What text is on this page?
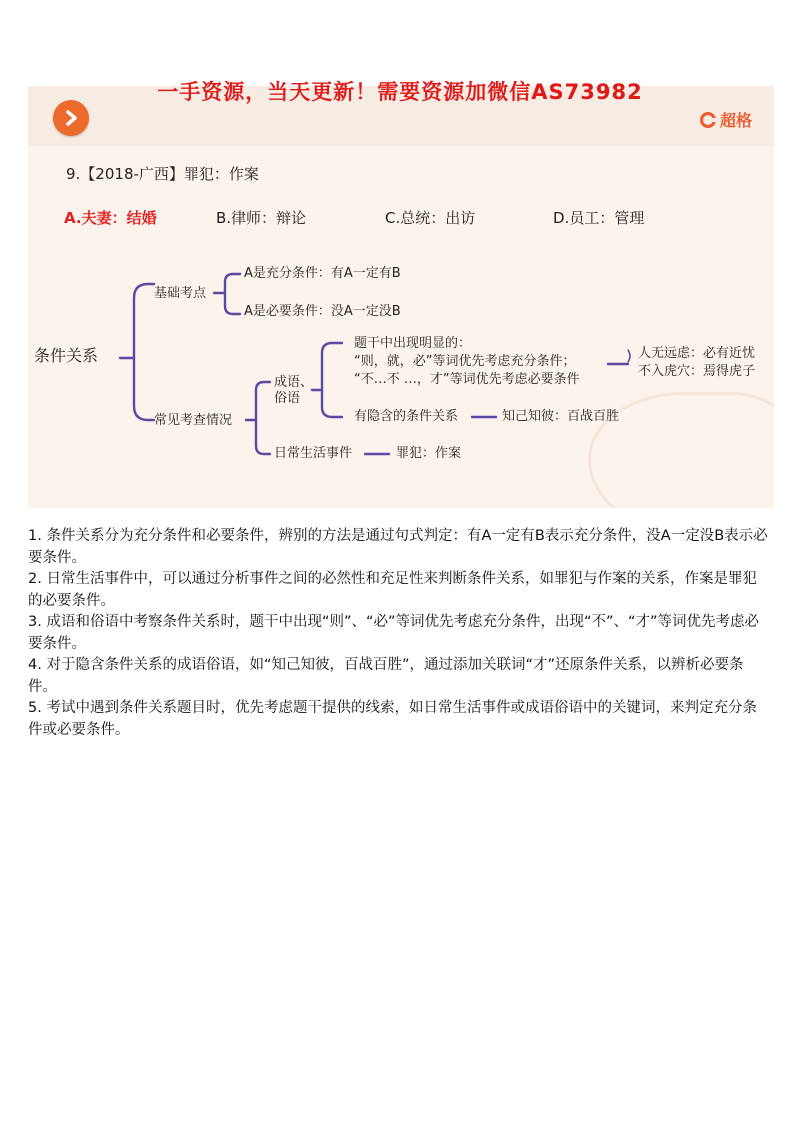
超格
9.【2018-广西】罪犯：作案
A.夫妻：结婚	B.律师：辩论	C.总统：出访	D.员工：管理
条件关系
基础考点
A是充分条件：有A一定有B
A是必要条件：没A一定没B
常见考查情况
成语、
俗语
题干中出现明显的：
“则，就，必”等词优先考虑充分条件；
“不…不 …，才”等词优先考虑必要条件
人无远虑：必有近忧
不入虎穴：焉得虎子
有隐含的条件关系	知己知彼：百战百胜
日常生活事件	罪犯：作案
一手资源，当天更新！需要资源加微信AS73982

1. 条件关系分为充分条件和必要条件，辨别的方法是通过句式判定：有A一定有B表示充分条件，没A一定没B表示必要条件。

2. 日常生活事件中，可以通过分析事件之间的必然性和充足性来判断条件关系，如罪犯与作案的关系，作案是罪犯的必要条件。

3. 成语和俗语中考察条件关系时，题干中出现“则”、“必”等词优先考虑充分条件，出现“不”、“才”等词优先考虑必要条件。

4. 对于隐含条件关系的成语俗语，如“知己知彼，百战百胜”，通过添加关联词“才”还原条件关系，以辨析必要条件。

5. 考试中遇到条件关系题目时，优先考虑题干提供的线索，如日常生活事件或成语俗语中的关键词，来判定充分条件或必要条件。
